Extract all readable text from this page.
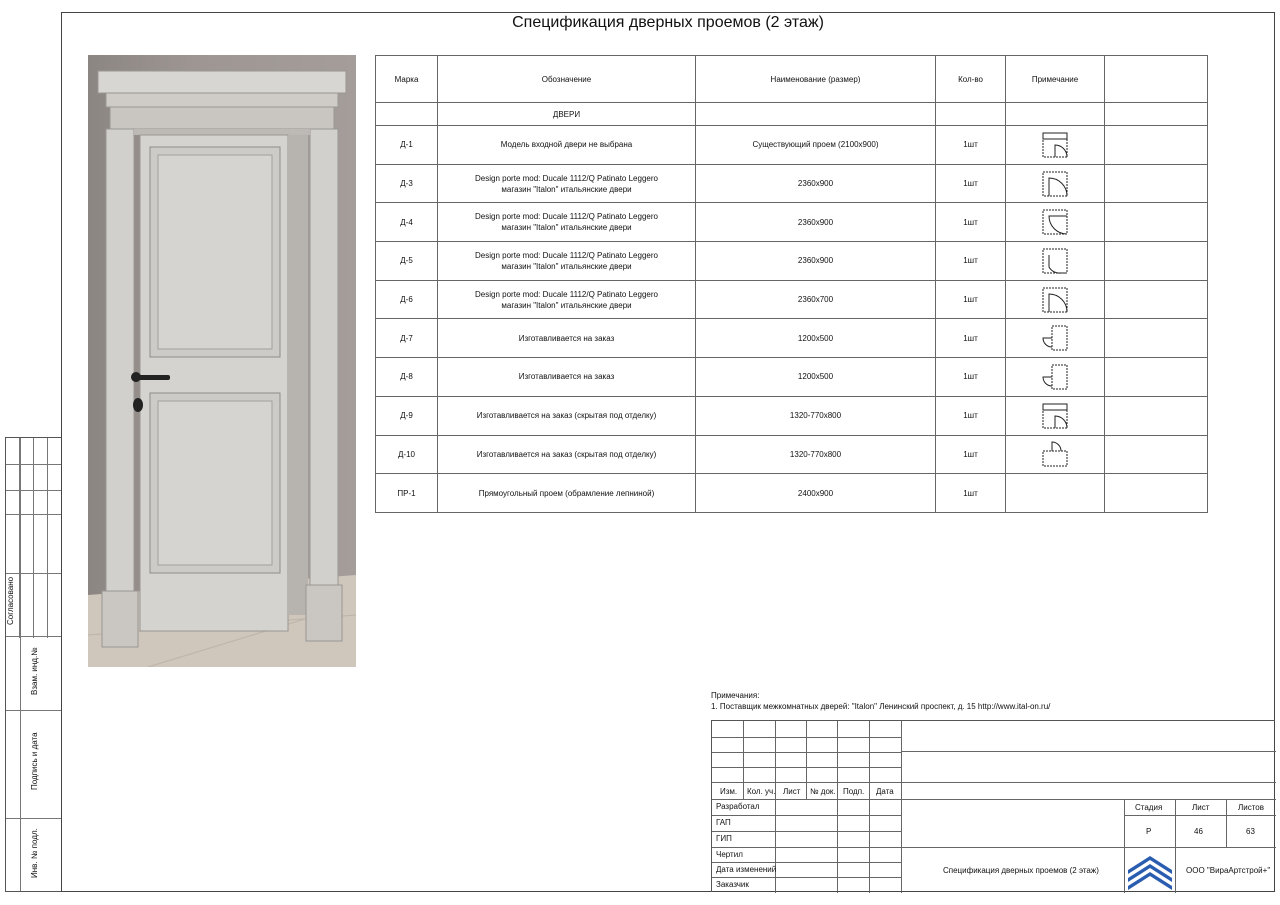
Спецификация дверных проемов (2 этаж)
Согласовано
Взам. инд.№
Подпись и дата
Инв. № подл.
Марка	Обозначение	Наименование (размер)	Кол-во	Примечание	
	ДВЕРИ				
Д-1	Модель входной двери не выбрана	Существующий проем (2100х900)	1шт		
Д-3	Design porte mod: Ducale 1112/Q Patinato Leggero
магазин "Italon" итальянские двери	2360х900	1шт		
Д-4	Design porte mod: Ducale 1112/Q Patinato Leggero
магазин "Italon" итальянские двери	2360х900	1шт		
Д-5	Design porte mod: Ducale 1112/Q Patinato Leggero
магазин "Italon" итальянские двери	2360х900	1шт		
Д-6	Design porte mod: Ducale 1112/Q Patinato Leggero
магазин "Italon" итальянские двери	2360х700	1шт		
Д-7	Изготавливается на заказ	1200х500	1шт		
Д-8	Изготавливается на заказ	1200х500	1шт		
Д-9	Изготавливается на заказ (скрытая под отделку)	1320-770х800	1шт		
Д-10	Изготавливается на заказ (скрытая под отделку)	1320-770х800	1шт		
ПР-1	Прямоугольный проем (обрамление лепниной)	2400х900	1шт		
Примечания:
1. Поставщик межкомнатных дверей: "Italon" Ленинский проспект, д. 15 http://www.ital-on.ru/
Изм. Кол. уч. Лист № док. Подп. Дата
Разработал
ГАП
ГИП
Чертил
Дата изменений
Заказчик
Стадия	Лист	Листов
Р	46	63
Спецификация дверных проемов (2 этаж)	ООО "ВираАртстрой+"
